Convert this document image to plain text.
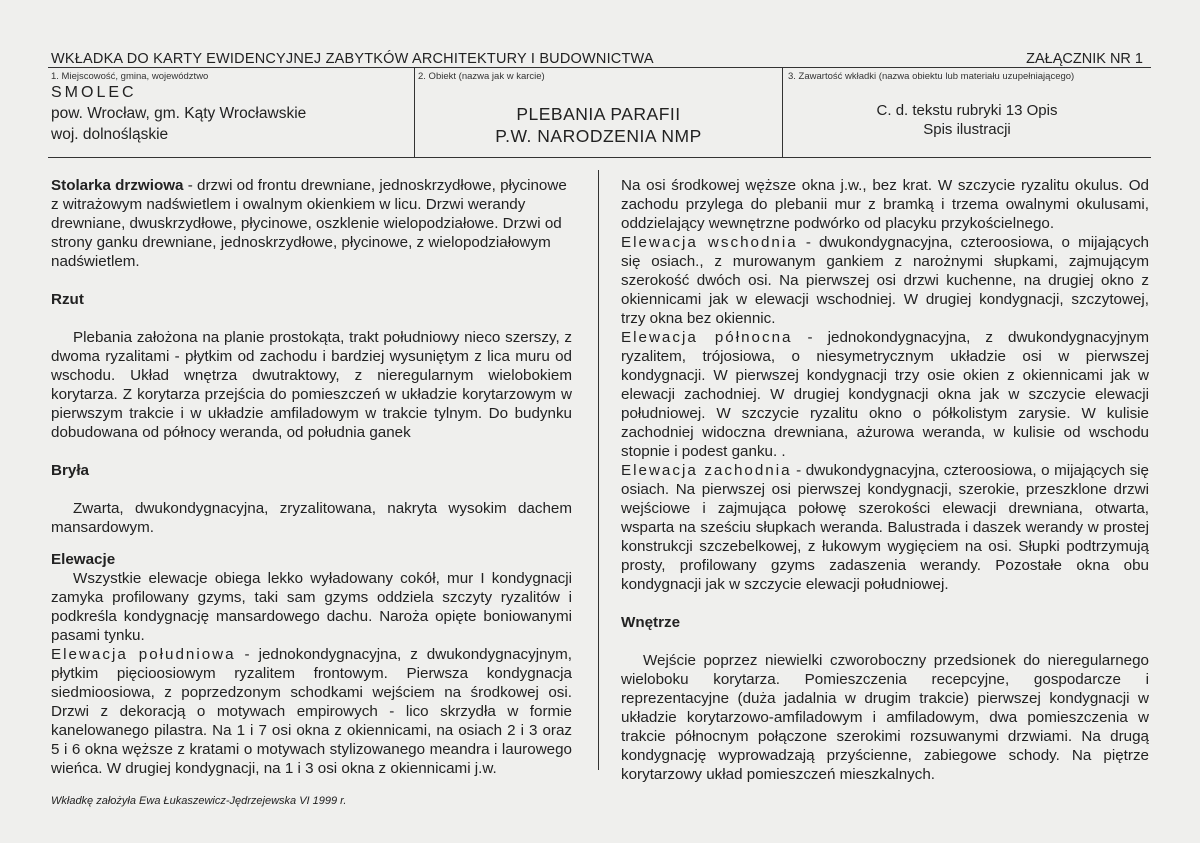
WKŁADKA DO KARTY EWIDENCYJNEJ ZABYTKÓW ARCHITEKTURY I BUDOWNICTWA	ZAŁĄCZNIK NR 1
1. Miejscowość, gmina, województwo
SMOLEC
pow. Wrocław, gm. Kąty Wrocławskie
woj. dolnośląskie
2. Obiekt (nazwa jak w karcie)
PLEBANIA PARAFII
P.W. NARODZENIA NMP
3. Zawartość wkładki (nazwa obiektu lub materiału uzupełniającego)
C. d. tekstu rubryki 13 Opis
Spis ilustracji

Stolarka drzwiowa - drzwi od frontu drewniane, jednoskrzydłowe, płycinowe z witrażowym nadświetlem i owalnym okienkiem w licu. Drzwi werandy drewniane, dwuskrzydłowe, płycinowe, oszklenie wielopodziałowe. Drzwi od

strony ganku drewniane, jednoskrzydłowe, płycinowe, z wielopodziałowym nadświetlem.

Rzut

Plebania założona na planie prostokąta, trakt południowy nieco szerszy, z dwoma ryzalitami - płytkim od zachodu i bardziej wysuniętym z lica muru od wschodu. Układ wnętrza dwutraktowy, z nieregularnym wielobokiem korytarza. Z korytarza przejścia do pomieszczeń w układzie korytarzowym w pierwszym trakcie i w układzie amfiladowym w trakcie tylnym. Do budynku dobudowana od północy weranda, od południa ganek

Bryła

Zwarta, dwukondygnacyjna, zryzalitowana, nakryta wysokim dachem mansardowym.

Elewacje

Wszystkie elewacje obiega lekko wyładowany cokół, mur I kondygnacji zamyka profilowany gzyms, taki sam gzyms oddziela szczyty ryzalitów i podkreśla kondygnację mansardowego dachu. Naroża opięte boniowanymi pasami tynku.

Elewacja południowa - jednokondygnacyjna, z dwukondygnacyjnym, płytkim pięcioosiowym ryzalitem frontowym. Pierwsza kondygnacja siedmioosiowa, z poprzedzonym schodkami wejściem na środkowej osi. Drzwi z dekoracją o motywach empirowych - lico skrzydła w formie kanelowanego pilastra. Na 1 i 7 osi okna z okiennicami, na osiach 2 i 3 oraz 5 i 6 okna węższe z kratami o motywach stylizowanego meandra i laurowego wieńca. W drugiej kondygnacji, na 1 i 3 osi okna z okiennicami j.w.

Na osi środkowej węższe okna j.w., bez krat. W szczycie ryzalitu okulus. Od zachodu przylega do plebanii mur z bramką i trzema owalnymi okulusami, oddzielający wewnętrzne podwórko od placyku przykościelnego.

Elewacja wschodnia - dwukondygnacyjna, czteroosiowa, o mijających się osiach., z murowanym gankiem z narożnymi słupkami, zajmującym szerokość dwóch osi. Na pierwszej osi drzwi kuchenne, na drugiej okno z okiennicami jak w elewacji wschodniej. W drugiej kondygnacji, szczytowej, trzy okna bez okiennic.

Elewacja północna - jednokondygnacyjna, z dwukondygnacyjnym ryzalitem, trójosiowa, o niesymetrycznym układzie osi w pierwszej kondygnacji. W pierwszej kondygnacji trzy osie okien z okiennicami jak w elewacji zachodniej. W drugiej kondygnacji okna jak w szczycie elewacji południowej. W szczycie ryzalitu okno o półkolistym zarysie. W kulisie zachodniej widoczna drewniana, ażurowa weranda, w kulisie od wschodu stopnie i podest ganku. .

Elewacja zachodnia - dwukondygnacyjna, czteroosiowa, o mijających się osiach. Na pierwszej osi pierwszej kondygnacji, szerokie, przeszklone drzwi wejściowe i zajmująca połowę szerokości elewacji drewniana, otwarta, wsparta na sześciu słupkach weranda. Balustrada i daszek werandy w prostej konstrukcji szczebelkowej, z łukowym wygięciem na osi. Słupki podtrzymują prosty, profilowany gzyms zadaszenia werandy. Pozostałe okna obu kondygnacji jak w szczycie elewacji południowej.

Wnętrze

Wejście poprzez niewielki czworoboczny przedsionek do nieregularnego wieloboku korytarza. Pomieszczenia recepcyjne, gospodarcze i reprezentacyjne (duża jadalnia w drugim trakcie) pierwszej kondygnacji w układzie korytarzowo-amfiladowym i amfiladowym, dwa pomieszczenia w trakcie północnym połączone szerokimi rozsuwanymi drzwiami. Na drugą kondygnację wyprowadzają przyścienne, zabiegowe schody. Na piętrze korytarzowy układ pomieszczeń mieszkalnych.

Wkładkę założyła Ewa Łukaszewicz-Jędrzejewska VI 1999 r.
